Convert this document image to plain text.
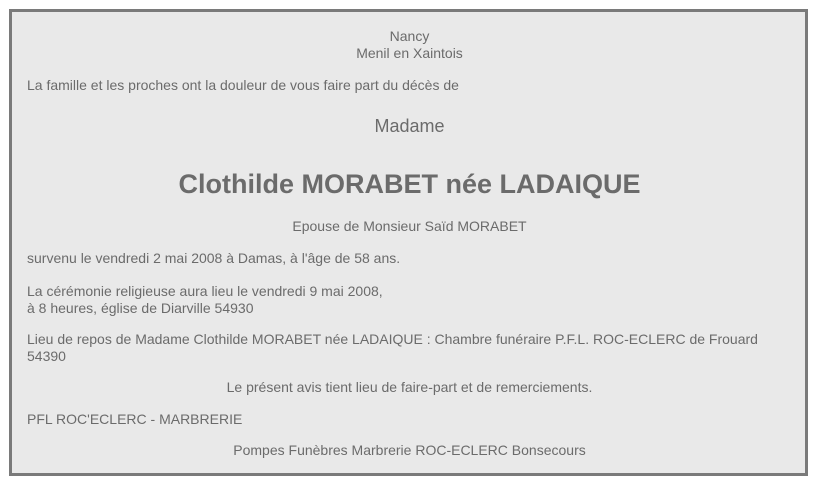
Nancy
Menil en Xaintois
La famille et les proches ont la douleur de vous faire part du décès de
Madame
Clothilde MORABET née LADAIQUE
Epouse de Monsieur Saïd MORABET
survenu le vendredi 2 mai 2008 à Damas, à l'âge de 58 ans.
La cérémonie religieuse aura lieu le vendredi 9 mai 2008,
à 8 heures, église de Diarville 54930
Lieu de repos de Madame Clothilde MORABET née LADAIQUE : Chambre funéraire P.F.L. ROC-ECLERC de Frouard
54390
Le présent avis tient lieu de faire-part et de remerciements.
PFL ROC'ECLERC - MARBRERIE
Pompes Funèbres Marbrerie ROC-ECLERC Bonsecours
